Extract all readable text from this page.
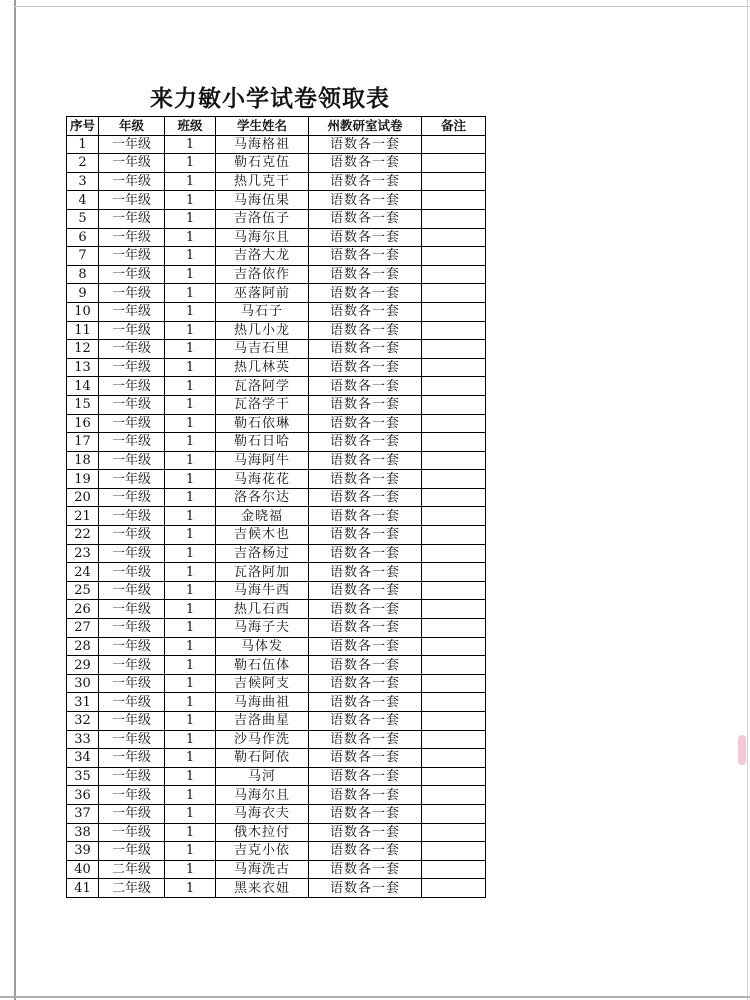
来力敏小学试卷领取表
序号	年级	班级	学生姓名	州教研室试卷	备注
1	一年级	1	马海格祖	语数各一套	
2	一年级	1	勒石克伍	语数各一套	
3	一年级	1	热几克干	语数各一套	
4	一年级	1	马海伍果	语数各一套	
5	一年级	1	吉洛伍子	语数各一套	
6	一年级	1	马海尔且	语数各一套	
7	一年级	1	吉洛大龙	语数各一套	
8	一年级	1	吉洛依作	语数各一套	
9	一年级	1	巫落阿前	语数各一套	
10	一年级	1	马石子	语数各一套	
11	一年级	1	热几小龙	语数各一套	
12	一年级	1	马吉石里	语数各一套	
13	一年级	1	热几林英	语数各一套	
14	一年级	1	瓦洛阿学	语数各一套	
15	一年级	1	瓦洛学干	语数各一套	
16	一年级	1	勒石依琳	语数各一套	
17	一年级	1	勒石日哈	语数各一套	
18	一年级	1	马海阿牛	语数各一套	
19	一年级	1	马海花花	语数各一套	
20	一年级	1	洛各尔达	语数各一套	
21	一年级	1	金晓福	语数各一套	
22	一年级	1	吉候木也	语数各一套	
23	一年级	1	吉洛杨过	语数各一套	
24	一年级	1	瓦洛阿加	语数各一套	
25	一年级	1	马海牛西	语数各一套	
26	一年级	1	热几石西	语数各一套	
27	一年级	1	马海子夫	语数各一套	
28	一年级	1	马体发	语数各一套	
29	一年级	1	勒石伍体	语数各一套	
30	一年级	1	吉候阿支	语数各一套	
31	一年级	1	马海曲祖	语数各一套	
32	一年级	1	吉洛曲星	语数各一套	
33	一年级	1	沙马作洗	语数各一套	
34	一年级	1	勒石阿依	语数各一套	
35	一年级	1	马河	语数各一套	
36	一年级	1	马海尔且	语数各一套	
37	一年级	1	马海衣夫	语数各一套	
38	一年级	1	俄木拉付	语数各一套	
39	一年级	1	吉克小依	语数各一套	
40	二年级	1	马海洗古	语数各一套	
41	二年级	1	黑来衣妞	语数各一套	
